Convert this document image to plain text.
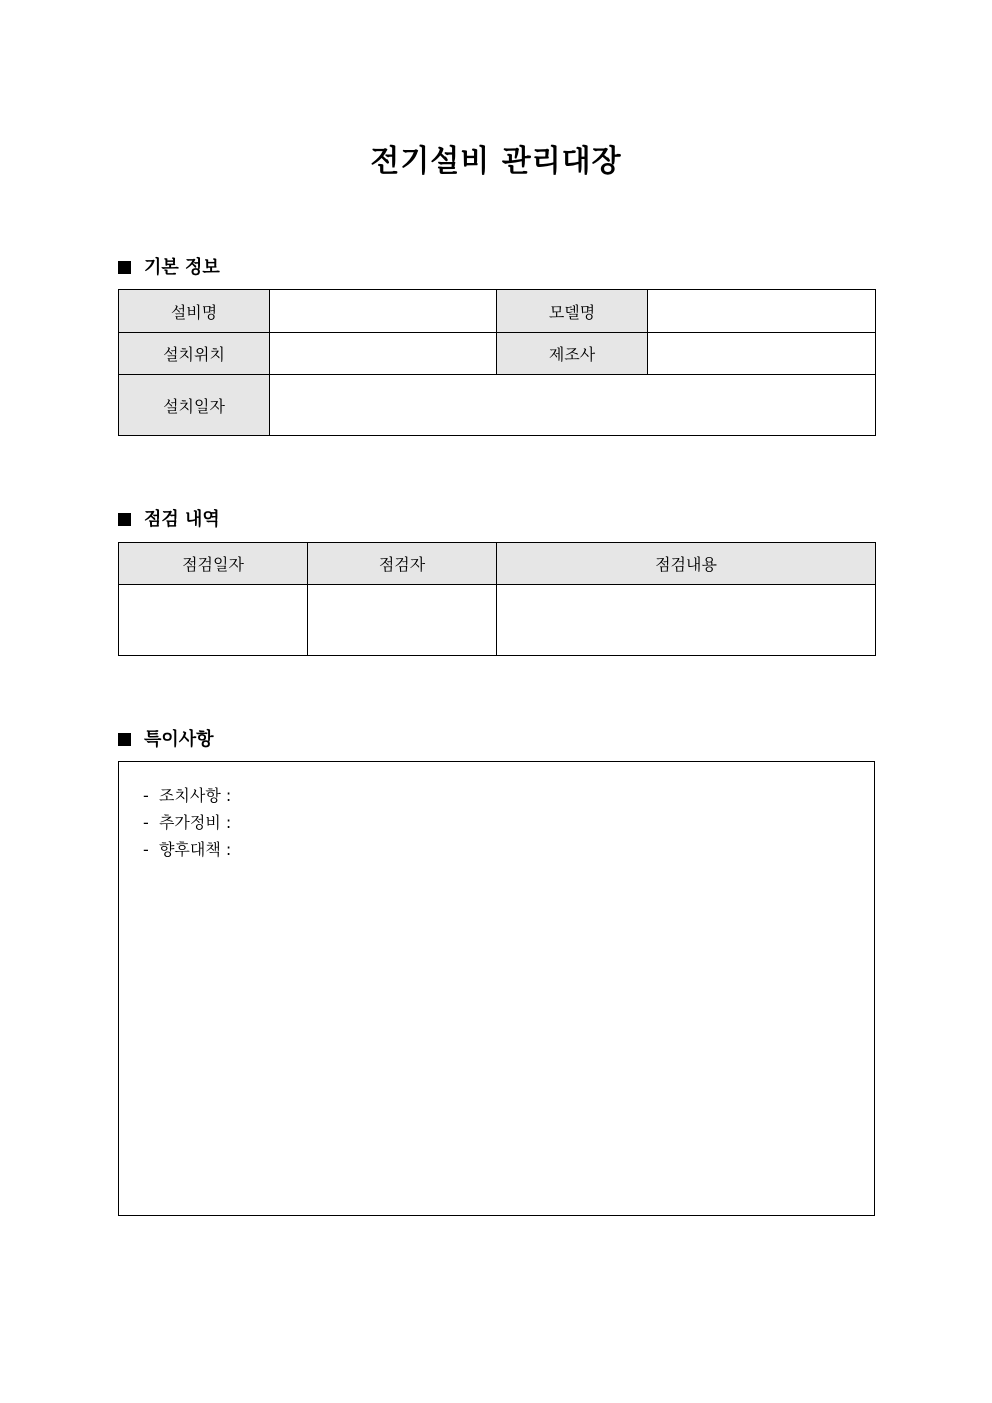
전기설비 관리대장
기본 정보
설비명		모델명	
설치위치		제조사	
설치일자			
점검 내역
점검일자	점검자	점검내용

특이사항
-  조치사항 :
-  추가정비 :
-  향후대책 :
